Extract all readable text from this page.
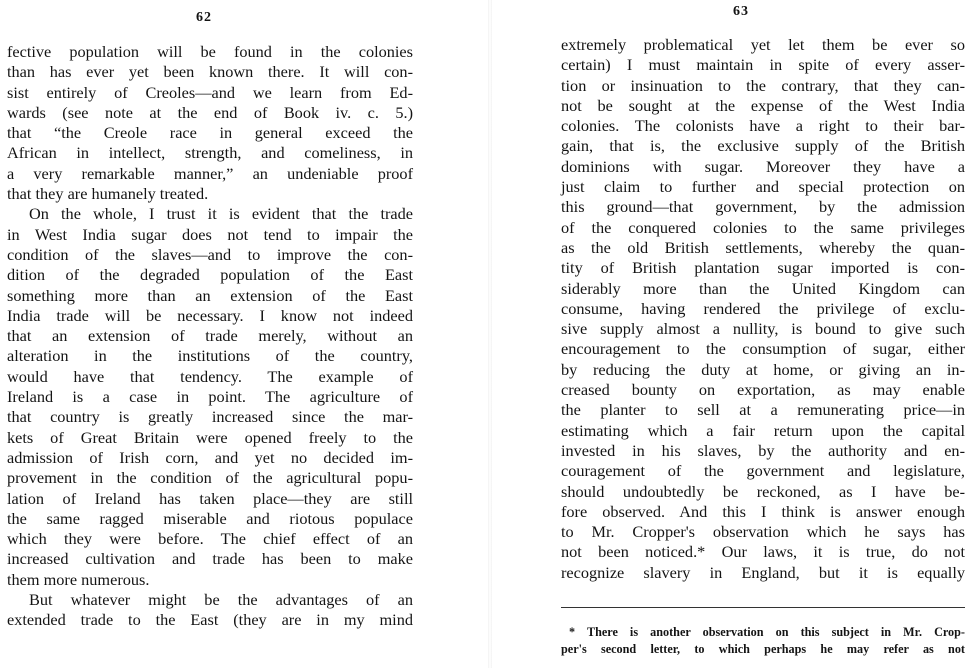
62
fective population will be found in the colonies
than has ever yet been known there. It will con-
sist entirely of Creoles—and we learn from Ed-
wards (see note at the end of Book iv. c. 5.)
that “the Creole race in general exceed the
African in intellect, strength, and comeliness, in
a very remarkable manner,” an undeniable proof
that they are humanely treated.
On the whole, I trust it is evident that the trade
in West India sugar does not tend to impair the
condition of the slaves—and to improve the con-
dition of the degraded population of the East
something more than an extension of the East
India trade will be necessary. I know not indeed
that an extension of trade merely, without an
alteration in the institutions of the country,
would have that tendency. The example of
Ireland is a case in point. The agriculture of
that country is greatly increased since the mar-
kets of Great Britain were opened freely to the
admission of Irish corn, and yet no decided im-
provement in the condition of the agricultural popu-
lation of Ireland has taken place—they are still
the same ragged miserable and riotous populace
which they were before. The chief effect of an
increased cultivation and trade has been to make
them more numerous.
But whatever might be the advantages of an
extended trade to the East (they are in my mind
63
extremely problematical yet let them be ever so
certain) I must maintain in spite of every asser-
tion or insinuation to the contrary, that they can-
not be sought at the expense of the West India
colonies. The colonists have a right to their bar-
gain, that is, the exclusive supply of the British
dominions with sugar. Moreover they have a
just claim to further and special protection on
this ground—that government, by the admission
of the conquered colonies to the same privileges
as the old British settlements, whereby the quan-
tity of British plantation sugar imported is con-
siderably more than the United Kingdom can
consume, having rendered the privilege of exclu-
sive supply almost a nullity, is bound to give such
encouragement to the consumption of sugar, either
by reducing the duty at home, or giving an in-
creased bounty on exportation, as may enable
the planter to sell at a remunerating price—in
estimating which a fair return upon the capital
invested in his slaves, by the authority and en-
couragement of the government and legislature,
should undoubtedly be reckoned, as I have be-
fore observed. And this I think is answer enough
to Mr. Cropper's observation which he says has
not been noticed.* Our laws, it is true, do not
recognize slavery in England, but it is equally
* There is another observation on this subject in Mr. Crop-
per's second letter, to which perhaps he may refer as not
